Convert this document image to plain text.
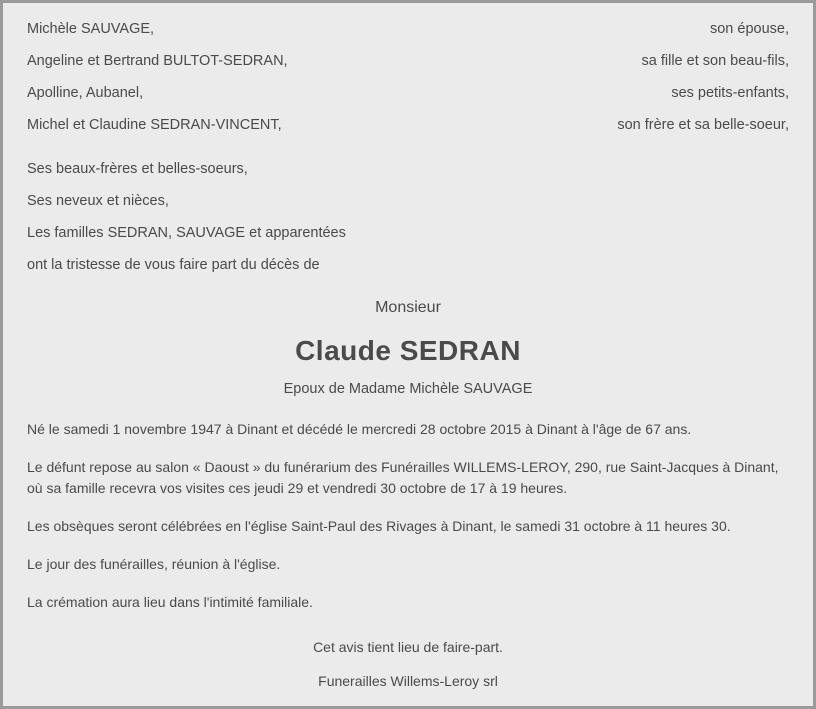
Michèle SAUVAGE,	son épouse,
Angeline et Bertrand BULTOT-SEDRAN,	sa fille et son beau-fils,
Apolline, Aubanel,	ses petits-enfants,
Michel et Claudine SEDRAN-VINCENT,	son frère et sa belle-soeur,
Ses beaux-frères et belles-soeurs,
Ses neveux et nièces,
Les familles SEDRAN, SAUVAGE et apparentées
ont la tristesse de vous faire part du décès de
Monsieur
Claude SEDRAN
Epoux de Madame Michèle SAUVAGE
Né le samedi 1 novembre 1947 à Dinant et décédé le mercredi 28 octobre 2015 à Dinant à l'âge de 67 ans.
Le défunt repose au salon « Daoust » du funérarium des Funérailles WILLEMS-LEROY, 290, rue Saint-Jacques à Dinant, où sa famille recevra vos visites ces jeudi 29 et vendredi 30 octobre de 17 à 19 heures.
Les obsèques seront célébrées en l'église Saint-Paul des Rivages à Dinant, le samedi 31 octobre à 11 heures 30.
Le jour des funérailles, réunion à l'église.
La crémation aura lieu dans l'intimité familiale.
Cet avis tient lieu de faire-part.
Funerailles Willems-Leroy srl
